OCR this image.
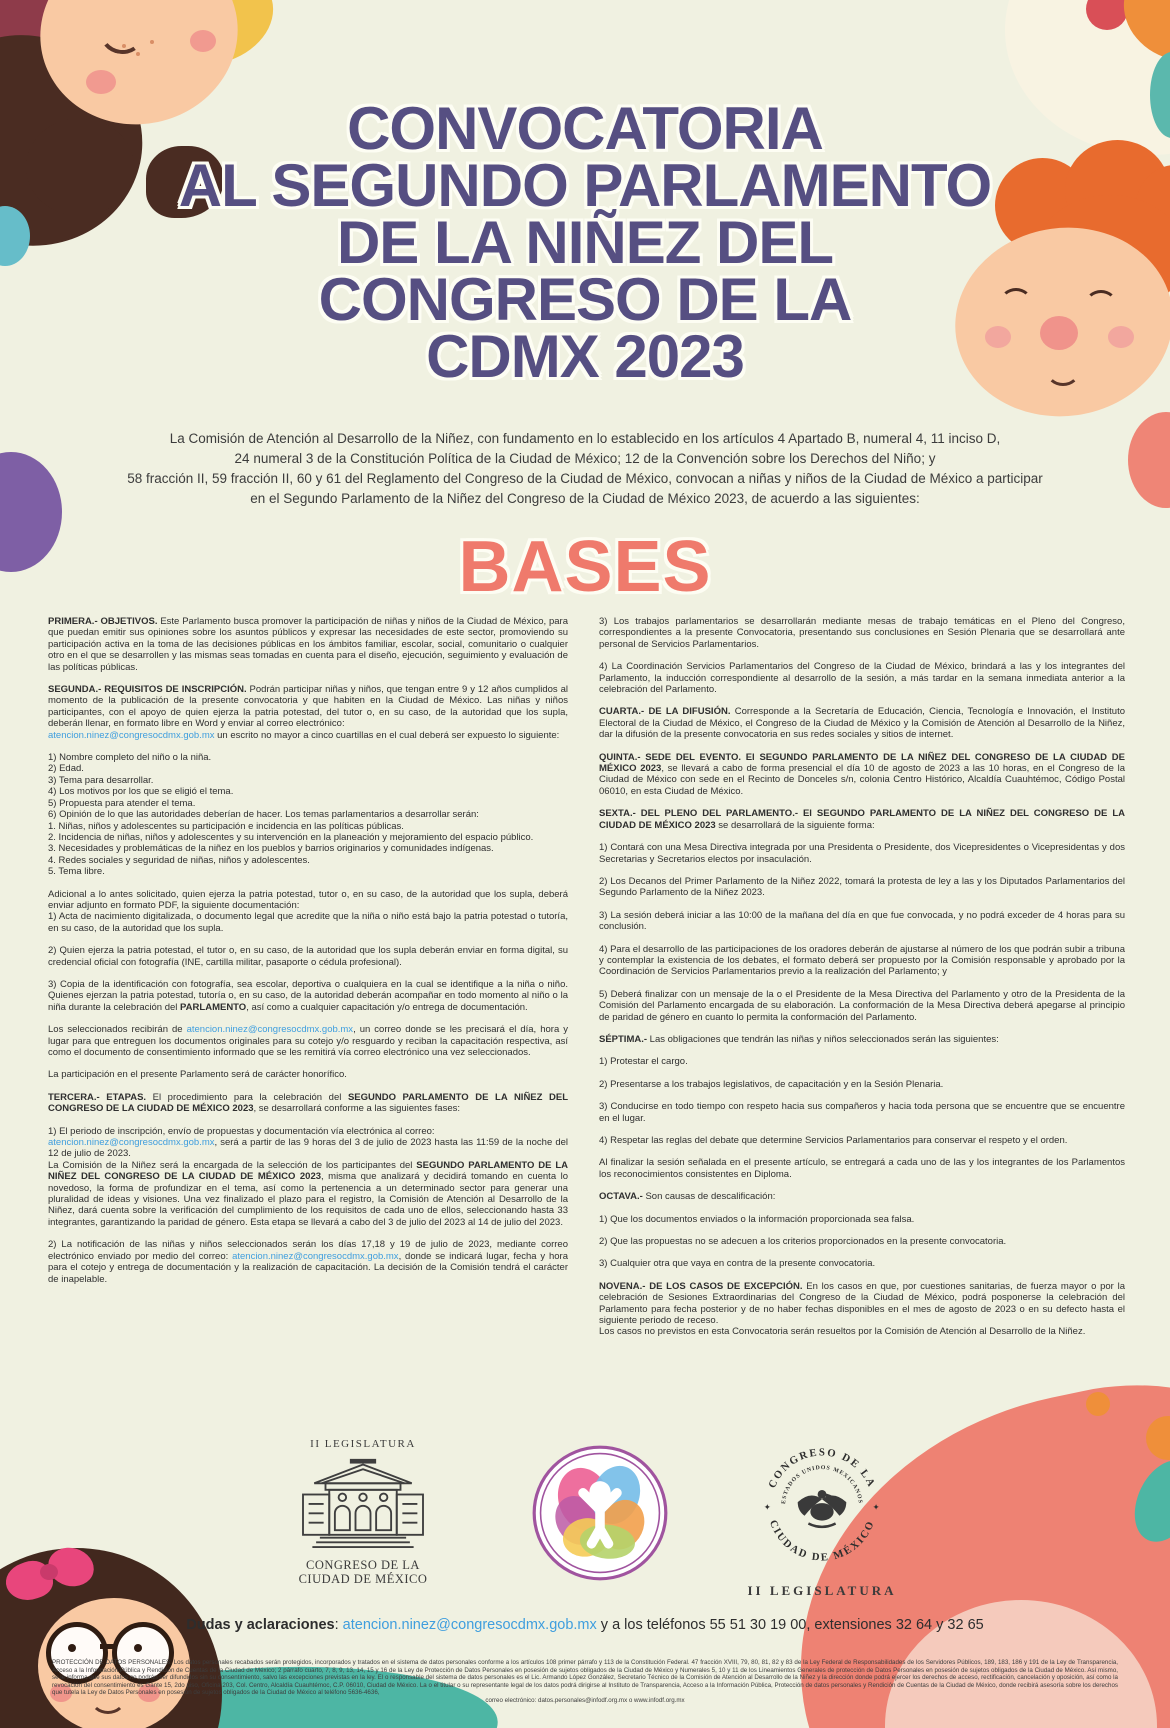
CONVOCATORIA
AL SEGUNDO PARLAMENTO
DE LA NIÑEZ DEL
CONGRESO DE LA
CDMX 2023
La Comisión de Atención al Desarrollo de la Niñez, con fundamento en lo establecido en los artículos 4 Apartado B, numeral 4, 11 inciso D,
24 numeral 3 de la Constitución Política de la Ciudad de México; 12 de la Convención sobre los Derechos del Niño; y
58 fracción II, 59 fracción II, 60 y 61 del Reglamento del Congreso de la Ciudad de México, convocan a niñas y niños de la Ciudad de México a participar
en el Segundo Parlamento de la Niñez del Congreso de la Ciudad de México 2023, de acuerdo a las siguientes:
BASES

PRIMERA.- OBJETIVOS. Este Parlamento busca promover la participación de niñas y niños de la Ciudad de México, para que puedan emitir sus opiniones sobre los asuntos públicos y expresar las necesidades de este sector, promoviendo su participación activa en la toma de las decisiones públicas en los ámbitos familiar, escolar, social, comunitario o cualquier otro en el que se desarrollen y las mismas seas tomadas en cuenta para el diseño, ejecución, seguimiento y evaluación de las políticas públicas.

SEGUNDA.- REQUISITOS DE INSCRIPCIÓN. Podrán participar niñas y niños, que tengan entre 9 y 12 años cumplidos al momento de la publicación de la presente convocatoria y que habiten en la Ciudad de México. Las niñas y niños participantes, con el apoyo de quien ejerza la patria potestad, del tutor o, en su caso, de la autoridad que los supla, deberán llenar, en formato libre en Word y enviar al correo electrónico:
atencion.ninez@congresocdmx.gob.mx un escrito no mayor a cinco cuartillas en el cual deberá ser expuesto lo siguiente:

1) Nombre completo del niño o la niña.
2) Edad.
3) Tema para desarrollar.
4) Los motivos por los que se eligió el tema.
5) Propuesta para atender el tema.
6) Opinión de lo que las autoridades deberían de hacer. Los temas parlamentarios a desarrollar serán:
1. Niñas, niños y adolescentes su participación e incidencia en las políticas públicas.
2. Incidencia de niñas, niños y adolescentes y su intervención en la planeación y mejoramiento del espacio público.
3. Necesidades y problemáticas de la niñez en los pueblos y barrios originarios y comunidades indígenas.
4. Redes sociales y seguridad de niñas, niños y adolescentes.
5. Tema libre.

Adicional a lo antes solicitado, quien ejerza la patria potestad, tutor o, en su caso, de la autoridad que los supla, deberá enviar adjunto en formato PDF, la siguiente documentación:

1) Acta de nacimiento digitalizada, o documento legal que acredite que la niña o niño está bajo la patria potestad o tutoría, en su caso, de la autoridad que los supla.

2) Quien ejerza la patria potestad, el tutor o, en su caso, de la autoridad que los supla deberán enviar en forma digital, su credencial oficial con fotografía (INE, cartilla militar, pasaporte o cédula profesional).

3) Copia de la identificación con fotografía, sea escolar, deportiva o cualquiera en la cual se identifique a la niña o niño. Quienes ejerzan la patria potestad, tutoría o, en su caso, de la autoridad deberán acompañar en todo momento al niño o la niña durante la celebración del PARLAMENTO, así como a cualquier capacitación y/o entrega de documentación.

Los seleccionados recibirán de atencion.ninez@congresocdmx.gob.mx, un correo donde se les precisará el día, hora y lugar para que entreguen los documentos originales para su cotejo y/o resguardo y reciban la capacitación respectiva, así como el documento de consentimiento informado que se les remitirá vía correo electrónico una vez seleccionados.

La participación en el presente Parlamento será de carácter honorífico.

TERCERA.- ETAPAS. El procedimiento para la celebración del SEGUNDO PARLAMENTO DE LA NIÑEZ DEL CONGRESO DE LA CIUDAD DE MÉXICO 2023, se desarrollará conforme a las siguientes fases:

1) El periodo de inscripción, envío de propuestas y documentación vía electrónica al correo:
atencion.ninez@congresocdmx.gob.mx, será a partir de las 9 horas del 3 de julio de 2023 hasta las 11:59 de la noche del 12 de julio de 2023.

La Comisión de la Niñez será la encargada de la selección de los participantes del SEGUNDO PARLAMENTO DE LA NIÑEZ DEL CONGRESO DE LA CIUDAD DE MÉXICO 2023, misma que analizará y decidirá tomando en cuenta lo novedoso, la forma de profundizar en el tema, así como la pertenencia a un determinado sector para generar una pluralidad de ideas y visiones. Una vez finalizado el plazo para el registro, la Comisión de Atención al Desarrollo de la Niñez, dará cuenta sobre la verificación del cumplimiento de los requisitos de cada uno de ellos, seleccionando hasta 33 integrantes, garantizando la paridad de género. Esta etapa se llevará a cabo del 3 de julio del 2023 al 14 de julio del 2023.

2) La notificación de las niñas y niños seleccionados serán los días 17,18 y 19 de julio de 2023, mediante correo electrónico enviado por medio del correo: atencion.ninez@congresocdmx.gob.mx, donde se indicará lugar, fecha y hora para el cotejo y entrega de documentación y la realización de capacitación. La decisión de la Comisión tendrá el carácter de inapelable.

3) Los trabajos parlamentarios se desarrollarán mediante mesas de trabajo temáticas en el Pleno del Congreso, correspondientes a la presente Convocatoria, presentando sus conclusiones en Sesión Plenaria que se desarrollará ante personal de Servicios Parlamentarios.

4) La Coordinación Servicios Parlamentarios del Congreso de la Ciudad de México, brindará a las y los integrantes del Parlamento, la inducción correspondiente al desarrollo de la sesión, a más tardar en la semana inmediata anterior a la celebración del Parlamento.

CUARTA.- DE LA DIFUSIÓN. Corresponde a la Secretaría de Educación, Ciencia, Tecnología e Innovación, el Instituto Electoral de la Ciudad de México, el Congreso de la Ciudad de México y la Comisión de Atención al Desarrollo de la Niñez, dar la difusión de la presente convocatoria en sus redes sociales y sitios de internet.

QUINTA.- SEDE DEL EVENTO. El SEGUNDO PARLAMENTO DE LA NIÑEZ DEL CONGRESO DE LA CIUDAD DE MÉXICO 2023, se llevará a cabo de forma presencial el día 10 de agosto de 2023 a las 10 horas, en el Congreso de la Ciudad de México con sede en el Recinto de Donceles s/n, colonia Centro Histórico, Alcaldía Cuauhtémoc, Código Postal 06010, en esta Ciudad de México.

SEXTA.- DEL PLENO DEL PARLAMENTO.- El SEGUNDO PARLAMENTO DE LA NIÑEZ DEL CONGRESO DE LA CIUDAD DE MÉXICO 2023 se desarrollará de la siguiente forma:

1) Contará con una Mesa Directiva integrada por una Presidenta o Presidente, dos Vicepresidentes o Vicepresidentas y dos Secretarias y Secretarios electos por insaculación.

2) Los Decanos del Primer Parlamento de la Niñez 2022, tomará la protesta de ley a las y los Diputados Parlamentarios del Segundo Parlamento de la Niñez 2023.

3) La sesión deberá iniciar a las 10:00 de la mañana del día en que fue convocada, y no podrá exceder de 4 horas para su conclusión.

4) Para el desarrollo de las participaciones de los oradores deberán de ajustarse al número de los que podrán subir a tribuna y contemplar la existencia de los debates, el formato deberá ser propuesto por la Comisión responsable y aprobado por la Coordinación de Servicios Parlamentarios previo a la realización del Parlamento; y

5) Deberá finalizar con un mensaje de la o el Presidente de la Mesa Directiva del Parlamento y otro de la Presidenta de la Comisión del Parlamento encargada de su elaboración. La conformación de la Mesa Directiva deberá apegarse al principio de paridad de género en cuanto lo permita la conformación del Parlamento.

SÉPTIMA.- Las obligaciones que tendrán las niñas y niños seleccionados serán las siguientes:

1) Protestar el cargo.

2) Presentarse a los trabajos legislativos, de capacitación y en la Sesión Plenaria.

3) Conducirse en todo tiempo con respeto hacia sus compañeros y hacia toda persona que se encuentre que se encuentre en el lugar.

4) Respetar las reglas del debate que determine Servicios Parlamentarios para conservar el respeto y el orden.

Al finalizar la sesión señalada en el presente artículo, se entregará a cada uno de las y los integrantes de los Parlamentos los reconocimientos consistentes en Diploma.

OCTAVA.- Son causas de descalificación:

1) Que los documentos enviados o la información proporcionada sea falsa.

2) Que las propuestas no se adecuen a los criterios proporcionados en la presente convocatoria.

3) Cualquier otra que vaya en contra de la presente convocatoria.

NOVENA.- DE LOS CASOS DE EXCEPCIÓN. En los casos en que, por cuestiones sanitarias, de fuerza mayor o por la celebración de Sesiones Extraordinarias del Congreso de la Ciudad de México, podrá posponerse la celebración del Parlamento para fecha posterior y de no haber fechas disponibles en el mes de agosto de 2023 o en su defecto hasta el siguiente periodo de receso.

Los casos no previstos en esta Convocatoria serán resueltos por la Comisión de Atención al Desarrollo de la Niñez.

II LEGISLATURA
CONGRESO DE LA
CIUDAD DE MÉXICO
CONGRESO DE LA
CIUDAD DE MÉXICO
ESTADOS UNIDOS MEXICANOS
✦	✦
II LEGISLATURA
Dudas y aclaraciones: atencion.ninez@congresocdmx.gob.mx y a los teléfonos 55 51 30 19 00, extensiones 32 64 y 32 65
PROTECCIÓN DE DATOS PERSONALES: Los datos personales recabados serán protegidos, incorporados y tratados en el sistema de datos personales conforme a los artículos 108 primer párrafo y 113 de la Constitución Federal. 47 fracción XVIII, 79, 80, 81, 82 y 83 de la Ley Federal de Responsabilidades de los Servidores Públicos, 189, 183, 186 y 191 de la Ley de Transparencia, Acceso a la Información Pública y Rendición de Cuentas de la Ciudad de México; 2 párrafo cuarto, 7, 8, 9, 13, 14, 15 y 16 de la Ley de Protección de Datos Personales en posesión de sujetos obligados de la Ciudad de México y Numerales 5, 10 y 11 de los Lineamientos Generales de protección de Datos Personales en posesión de sujetos obligados de la Ciudad de México. Así mismo, se le informa que sus datos no podrán ser difundidos sin su consentimiento, salvo las excepciones previstas en la ley. El o responsable del sistema de datos personales es el Lic. Armando López González, Secretario Técnico de la Comisión de Atención al Desarrollo de la Niñez y la dirección donde podrá ejercer los derechos de acceso, rectificación, cancelación y oposición, así como la revocación del consentimiento es Gante 15, 2do piso, Oficina 203, Col. Centro, Alcaldía Cuauhtémoc, C.P. 06010, Ciudad de México. La o el titular o su representante legal de los datos podrá dirigirse al Instituto de Transparencia, Acceso a la Información Pública, Protección de datos personales y Rendición de Cuentas de la Ciudad de México, donde recibirá asesoría sobre los derechos que tutela la Ley de Datos Personales en posesión de sujetos obligados de la Ciudad de México al teléfono 5636-4636,
correo electrónico: datos.personales@infodf.org.mx o www.infodf.org.mx
